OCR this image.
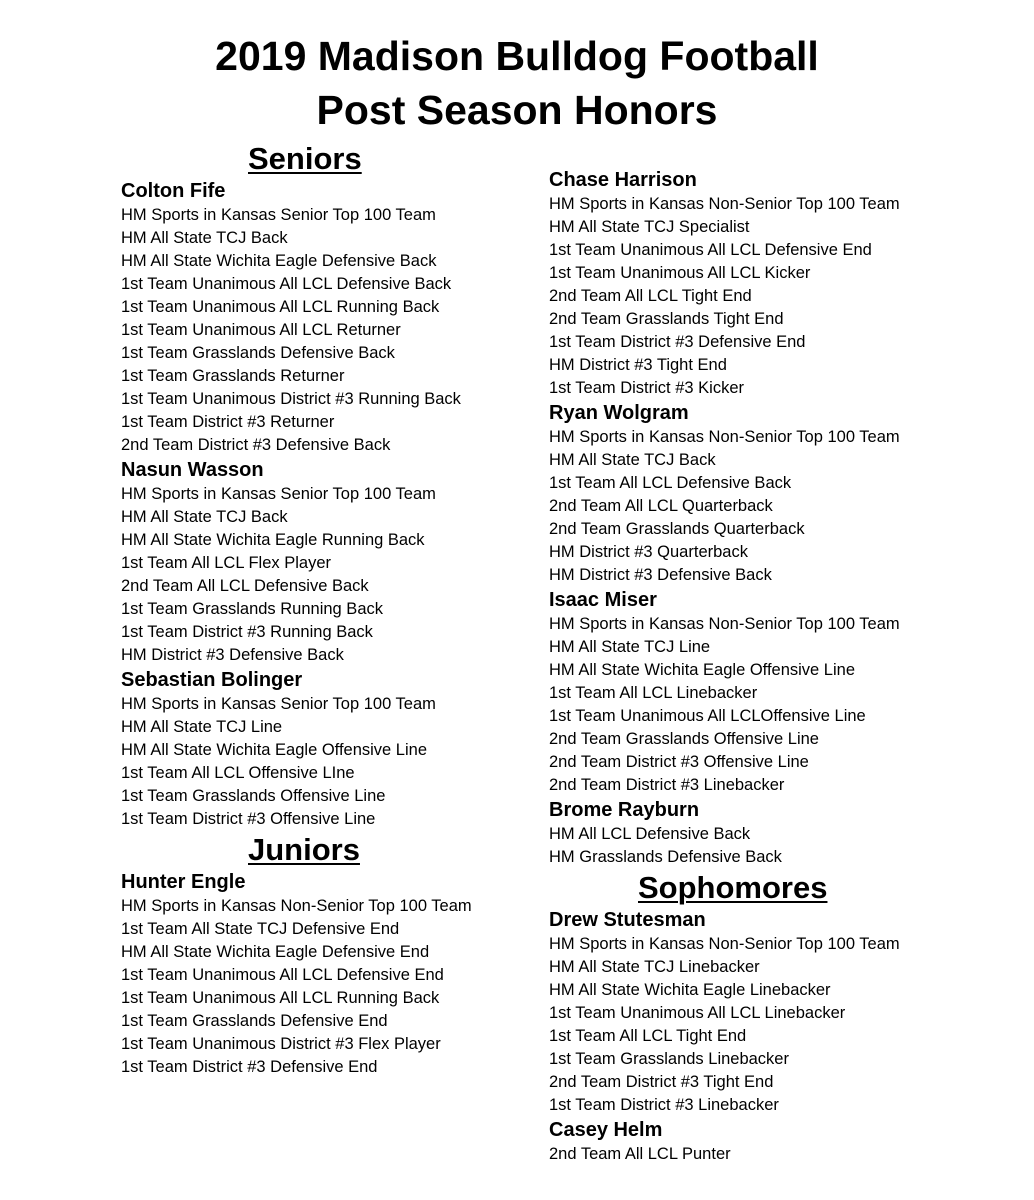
2019 Madison Bulldog Football
Post Season Honors
Seniors
Colton Fife
HM Sports in Kansas Senior Top 100 Team
HM All State TCJ Back
HM All State Wichita Eagle Defensive Back
1st Team Unanimous All LCL Defensive Back
1st Team Unanimous All LCL Running Back
1st Team Unanimous All LCL Returner
1st Team Grasslands Defensive Back
1st Team Grasslands Returner
1st Team Unanimous District #3 Running Back
1st Team District #3 Returner
2nd Team District #3 Defensive Back
Nasun Wasson
HM Sports in Kansas Senior Top 100 Team
HM All State TCJ Back
HM All State Wichita Eagle Running Back
1st Team All LCL Flex Player
2nd Team All LCL Defensive Back
1st Team Grasslands Running Back
1st Team District #3 Running Back
HM District #3 Defensive Back
Sebastian Bolinger
HM Sports in Kansas Senior Top 100 Team
HM All State TCJ Line
HM All State Wichita Eagle Offensive Line
1st Team All LCL Offensive LIne
1st Team Grasslands Offensive Line
1st Team District #3 Offensive Line
Juniors
Hunter Engle
HM Sports in Kansas Non-Senior Top 100 Team
1st Team All State TCJ Defensive End
HM All State Wichita Eagle Defensive End
1st Team Unanimous All LCL Defensive End
1st Team Unanimous All LCL Running Back
1st Team Grasslands Defensive End
1st Team Unanimous District #3 Flex Player
1st Team District #3 Defensive End
Chase Harrison
HM Sports in Kansas Non-Senior Top 100 Team
HM All State TCJ Specialist
1st Team Unanimous All LCL Defensive End
1st Team Unanimous All LCL Kicker
2nd Team All LCL Tight End
2nd Team Grasslands Tight End
1st Team District #3 Defensive End
HM District #3 Tight End
1st Team District #3 Kicker
Ryan Wolgram
HM Sports in Kansas Non-Senior Top 100 Team
HM All State TCJ Back
1st Team All LCL Defensive Back
2nd Team All LCL Quarterback
2nd Team Grasslands Quarterback
HM District #3 Quarterback
HM District #3 Defensive Back
Isaac Miser
HM Sports in Kansas Non-Senior Top 100 Team
HM All State TCJ Line
HM All State Wichita Eagle Offensive Line
1st Team All LCL Linebacker
1st Team Unanimous All LCLOffensive Line
2nd Team Grasslands Offensive Line
2nd Team District #3 Offensive Line
2nd Team District #3 Linebacker
Brome Rayburn
HM All LCL Defensive Back
HM Grasslands Defensive Back
Sophomores
Drew Stutesman
HM Sports in Kansas Non-Senior Top 100 Team
HM All State TCJ Linebacker
HM All State Wichita Eagle Linebacker
1st Team Unanimous All LCL Linebacker
1st Team All LCL Tight End
1st Team Grasslands Linebacker
2nd Team District #3 Tight End
1st Team District #3 Linebacker
Casey Helm
2nd Team All LCL Punter
